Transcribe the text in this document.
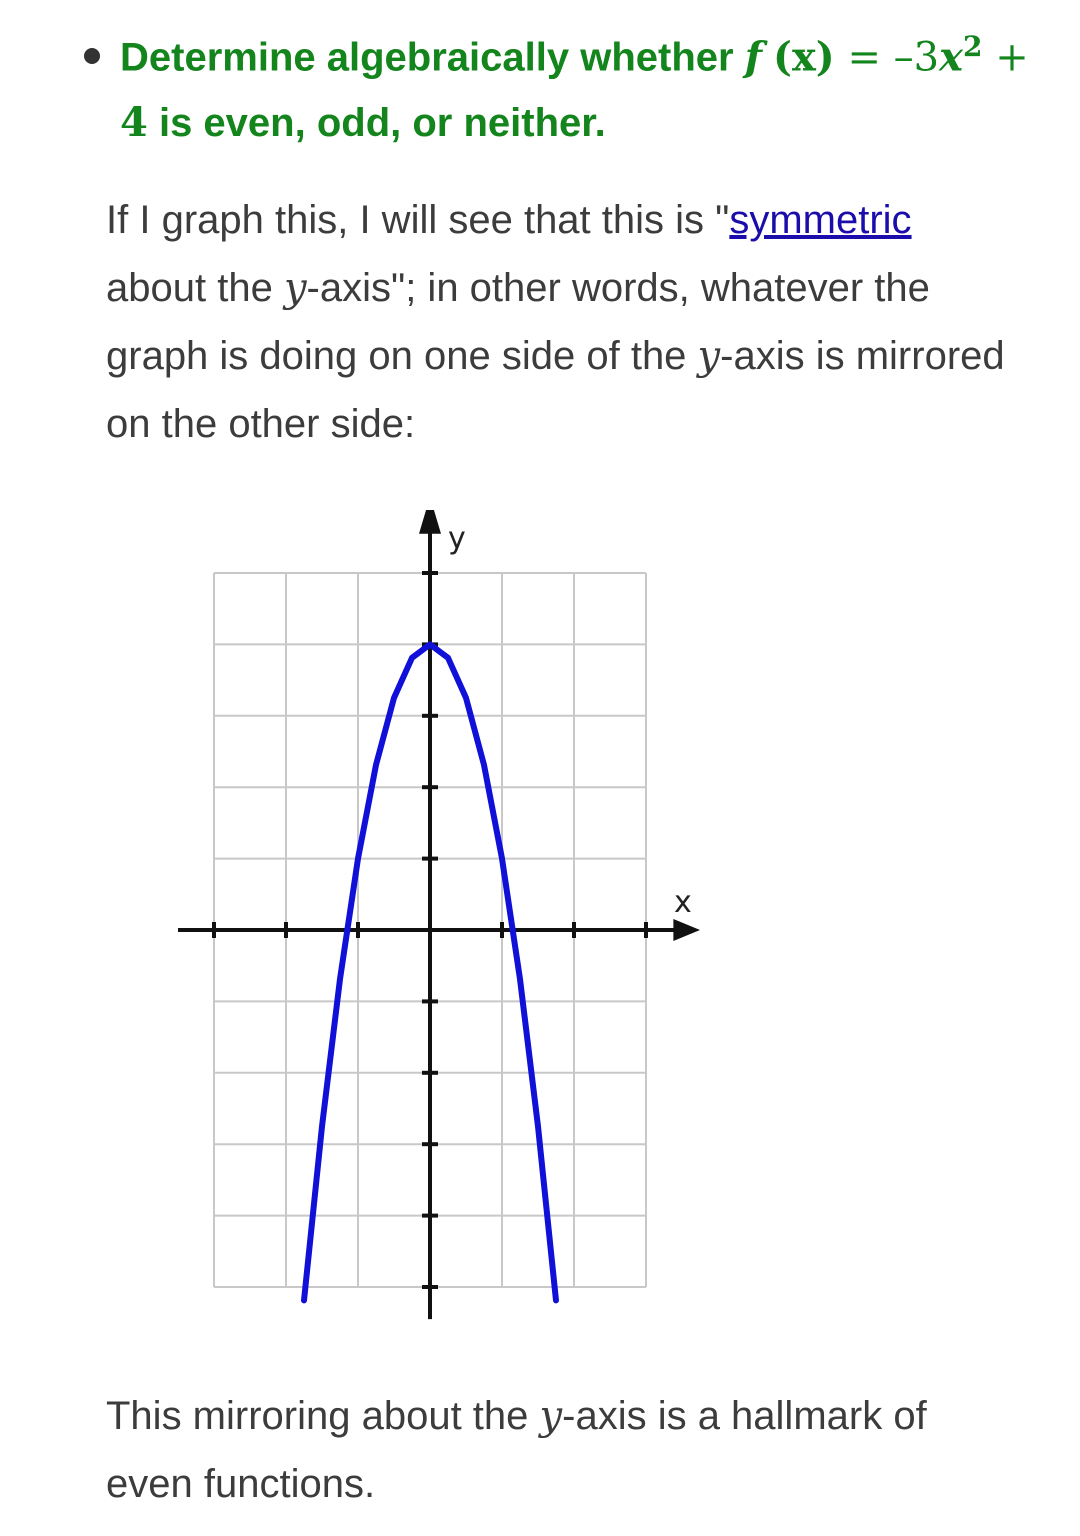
Determine algebraically whether f $(x) = -3x^2$ +
4 is even, odd, or neither.

If I graph this, I will see that this is "symmetric about the y-axis"; in other words, whatever the graph is doing on one side of the y-axis is mirrored on the other side:

x
y

This mirroring about the y-axis is a hallmark of even functions.
